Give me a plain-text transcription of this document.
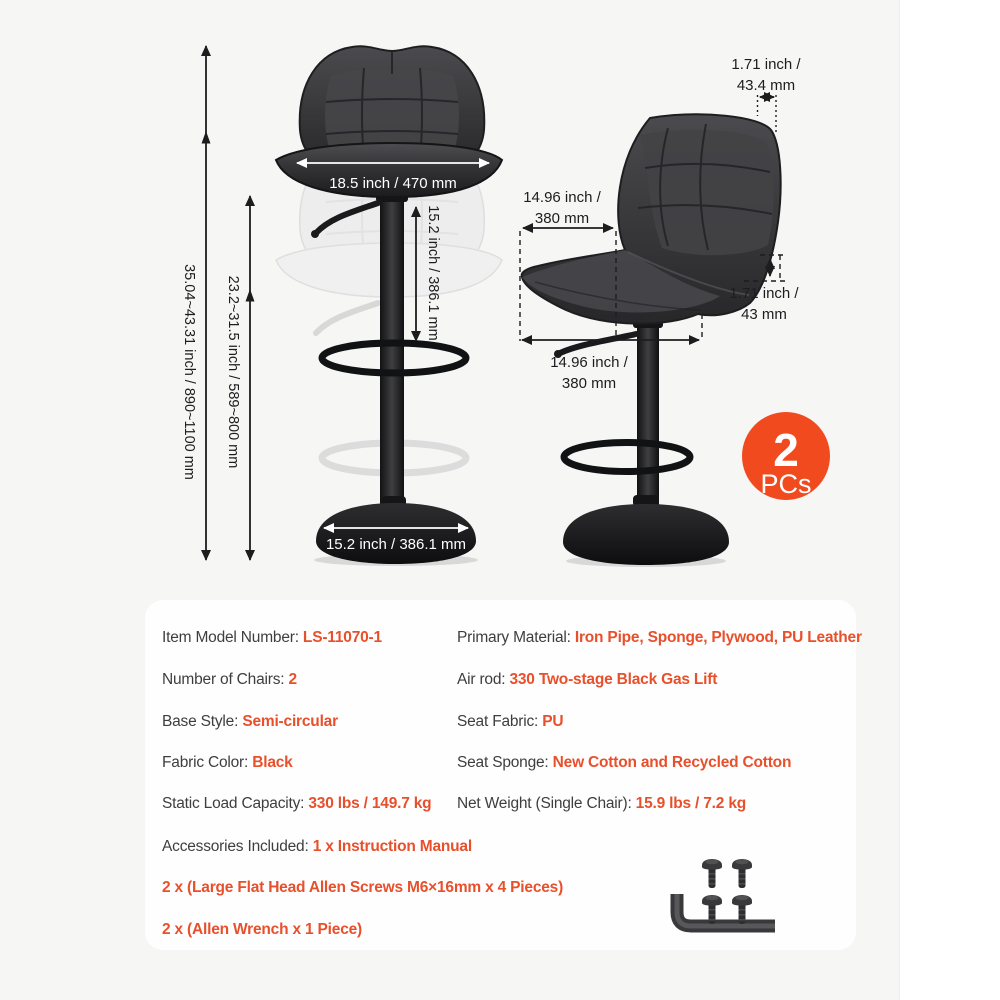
18.5 inch / 470 mm
15.2 inch / 386.1 mm
35.04~43.31 inch / 890~1100 mm 23.2~31.5 inch / 589~800 mm
15.2 inch / 386.1 mm
1.71 inch /
43.4 mm
14.96 inch /
380 mm
1.71 inch /
43 mm
14.96 inch /
380 mm
2
PCs

Item Model Number: LS-11070-1	Primary Material: Iron Pipe, Sponge, Plywood, PU Leather

Number of Chairs: 2	Air rod: 330 Two-stage Black Gas Lift

Base Style: Semi-circular	Seat Fabric: PU

Fabric Color: Black	Seat Sponge: New Cotton and Recycled Cotton

Static Load Capacity: 330 lbs / 149.7 kg Net Weight (Single Chair): 15.9 lbs / 7.2 kg

Accessories Included: 1 x Instruction Manual

2 x (Large Flat Head Allen Screws M6×16mm x 4 Pieces)

2 x (Allen Wrench x 1 Piece)
